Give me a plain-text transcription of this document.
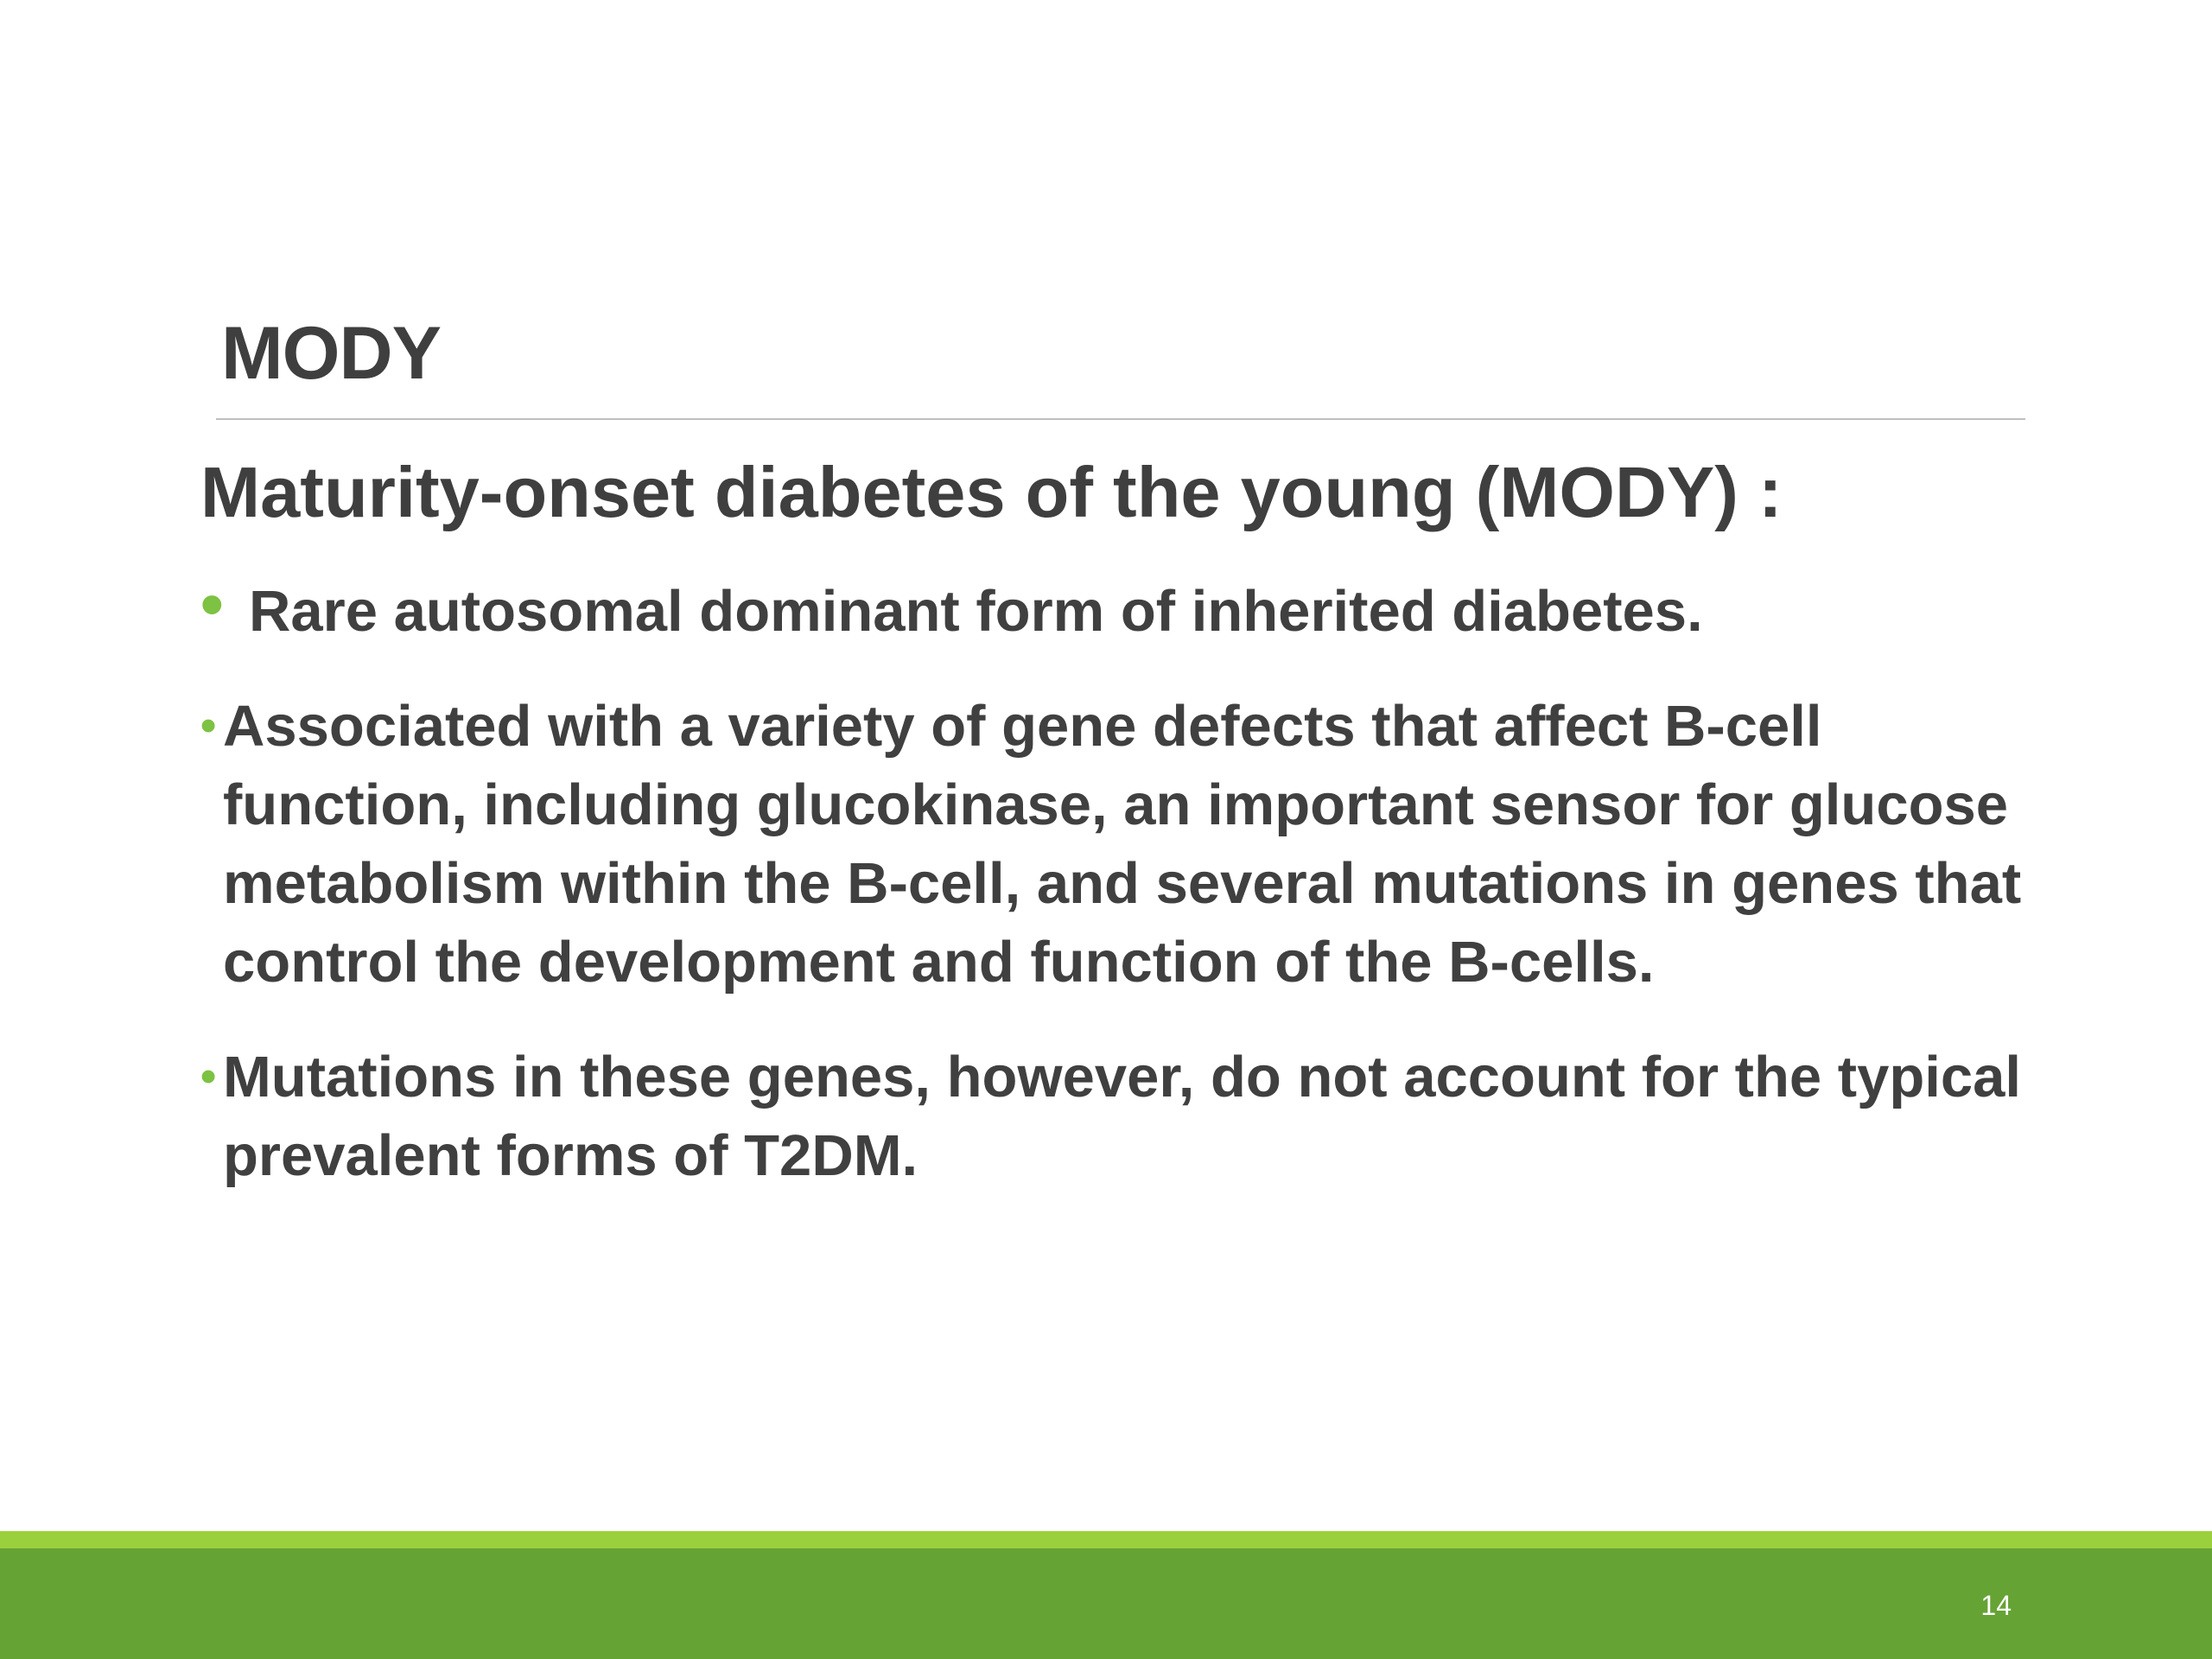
MODY
Maturity-onset diabetes of the young (MODY) :
• Rare autosomal dominant form of inherited diabetes.
• Associated with a variety of gene defects that affect B-cell function, including glucokinase, an important sensor for glucose metabolism within the B-cell, and several mutations in genes that control the development and function of the B-cells.
• Mutations in these genes, however, do not account for the typical prevalent forms of T2DM.
14
